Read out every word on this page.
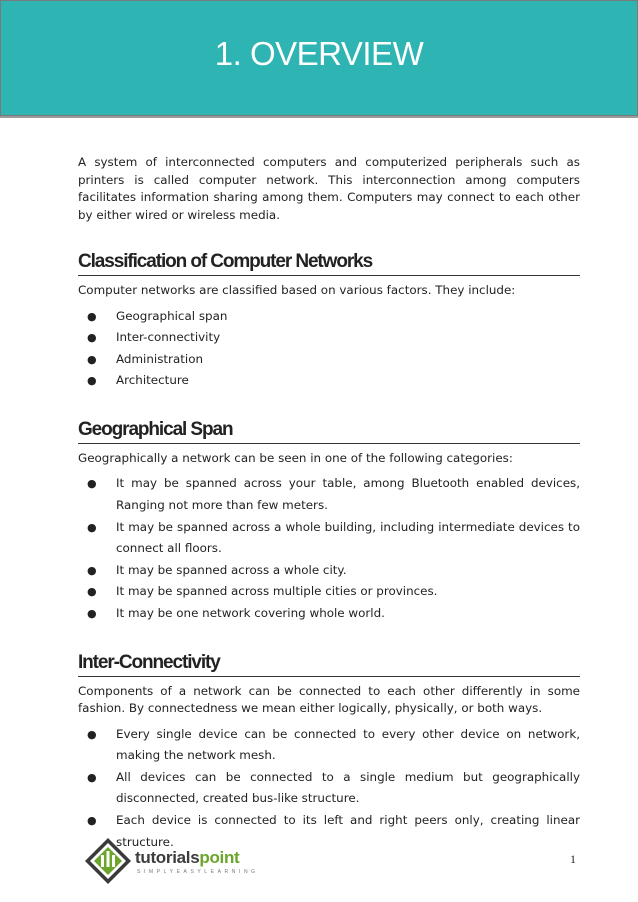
1. OVERVIEW

A system of interconnected computers and computerized peripherals such as printers is called computer network. This interconnection among computers facilitates information sharing among them. Computers may connect to each other by either wired or wireless media.

Classification of Computer Networks

Computer networks are classified based on various factors. They include:

● Geographical span
● Inter-connectivity
● Administration
● Architecture
Geographical Span

Geographically a network can be seen in one of the following categories:

● It may be spanned across your table, among Bluetooth enabled devices, Ranging not more than few meters.
● It may be spanned across a whole building, including intermediate devices to connect all floors.
● It may be spanned across a whole city.
● It may be spanned across multiple cities or provinces.
● It may be one network covering whole world.
Inter-Connectivity

Components of a network can be connected to each other differently in some fashion. By connectedness we mean either logically, physically, or both ways.

● Every single device can be connected to every other device on network, making the network mesh.
● All devices can be connected to a single medium but geographically disconnected, created bus-like structure.
● Each device is connected to its left and right peers only, creating linear structure.
tutorialspoint
SIMPLYEASYLEARNING
1
